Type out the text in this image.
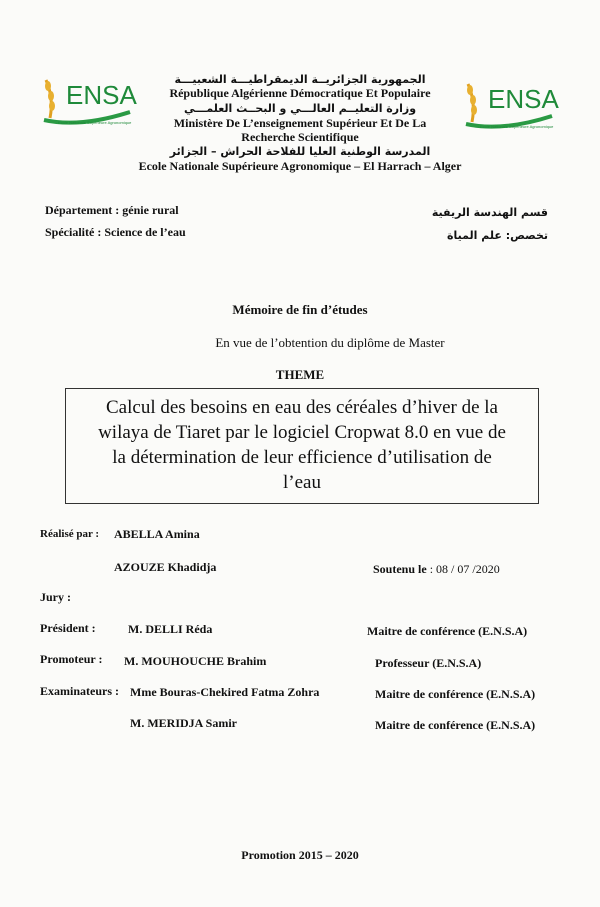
ENSA
Ecole Nationale Supérieure Agronomique
ENSA
Ecole Nationale Supérieure Agronomique
الجمهورية الجزائريــة الديمقراطيـــة الشعبيـــة
République Algérienne Démocratique Et Populaire
وزارة التعليــم العالـــي و البحــث العلمـــي
Ministère De L’enseignement Supérieur Et De La
Recherche Scientifique
المدرسة الوطنية العليا للفلاحة الحراش – الجزائر
Ecole Nationale Supérieure Agronomique – El Harrach – Alger
Département : génie rural
Spécialité : Science de l’eau
قسم الهندسة الريفية
تخصص: علم المياة
Mémoire de fin d’études
En vue de l’obtention du diplôme de Master
THEME
Calcul des besoins en eau des céréales d’hiver de la
wilaya de Tiaret par le logiciel Cropwat 8.0 en vue de
la détermination de leur efficience d’utilisation de
l’eau
Réalisé par : ABELLA Amina
AZOUZE Khadidja	Soutenu le : 08 / 07 /2020
Jury :
Président :	M. DELLI Réda	Maitre de conférence (E.N.S.A)
Promoteur : M. MOUHOUCHE Brahim	Professeur (E.N.S.A)
Examinateurs : Mme Bouras-Chekired Fatma Zohra	Maitre de conférence (E.N.S.A)
M. MERIDJA Samir	Maitre de conférence (E.N.S.A)
Promotion 2015 – 2020
